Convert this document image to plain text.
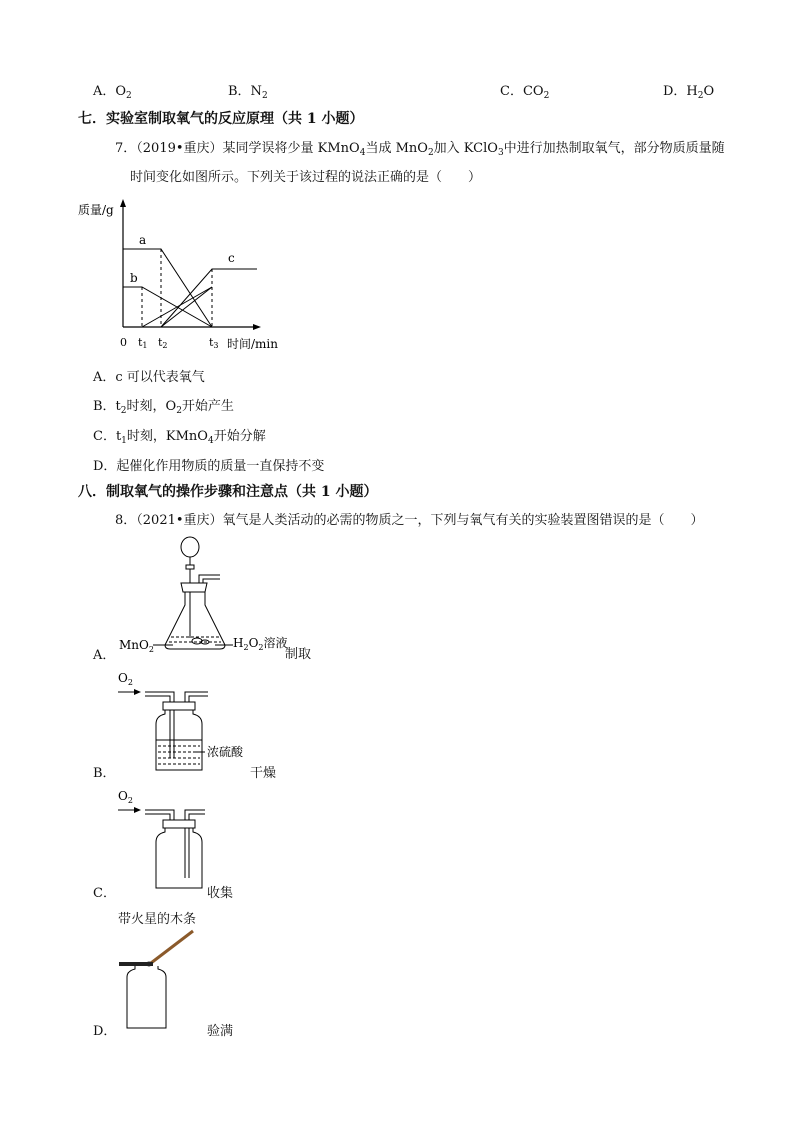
A．$O_2$	B．$N_2$	C．$CO_2$	D．$H_2O$
七．实验室制取氧气的反应原理（共 1 小题）
7．（2019•重庆）某同学误将少量 KMnO$_4$当成 MnO$_2$加入 KClO$_3$中进行加热制取氧气，部分物质质量随
时间变化如图所示。下列关于该过程的说法正确的是（　　）
质量/g
a
b
c
0 t1 t2	t3 时间/min
A．c 可以代表氧气
B．$t_2$时刻，$O_2$开始产生
C．$t_1$时刻，KMnO$_4$开始分解
D．起催化作用物质的质量一直保持不变
八．制取氧气的操作步骤和注意点（共 1 小题）
8．（2021•重庆）氧气是人类活动的必需的物质之一，下列与氧气有关的实验装置图错误的是（　　）
MnO$_2$	$H_2O_2$溶液
A．	制取
$O_2$
浓硫酸
B．	干燥
$O_2$
C．	收集
带火星的木条
D．	验满
